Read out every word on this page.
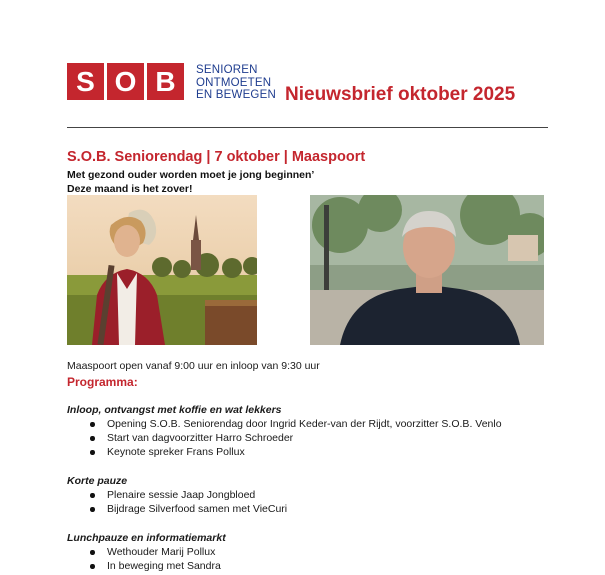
S O B	SENIOREN
ONTMOETEN
EN BEWEGEN Nieuwsbrief oktober 2025
S.O.B. Seniorendag | 7 oktober | Maaspoort
Met gezond ouder worden moet je jong beginnen’
Deze maand is het zover!
Maaspoort open vanaf 9:00 uur en inloop van 9:30 uur
Programma:
Inloop, ontvangst met koffie en wat lekkers
Opening S.O.B. Seniorendag door Ingrid Keder-van der Rijdt, voorzitter S.O.B. Venlo
Start van dagvoorzitter Harro Schroeder
Keynote spreker Frans Pollux
Korte pauze
Plenaire sessie Jaap Jongbloed
Bijdrage Silverfood samen met VieCuri
Lunchpauze en informatiemarkt
Wethouder Marij Pollux
In beweging met Sandra
